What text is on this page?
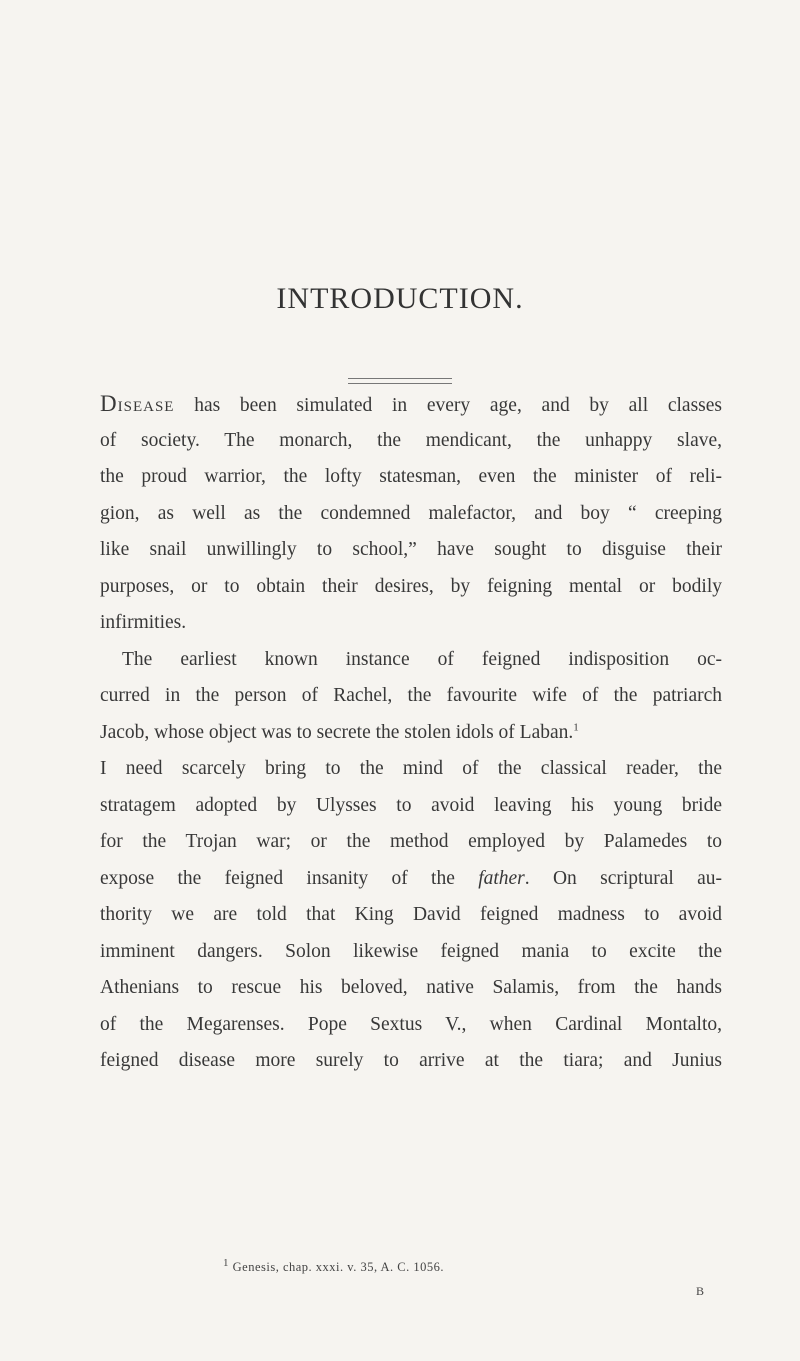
INTRODUCTION.
DISEASE has been simulated in every age, and by all classes
of society. The monarch, the mendicant, the unhappy slave,
the proud warrior, the lofty statesman, even the minister of reli-
gion, as well as the condemned malefactor, and boy “ creeping
like snail unwillingly to school,” have sought to disguise their
purposes, or to obtain their desires, by feigning mental or bodily
infirmities.
The earliest known instance of feigned indisposition oc-
curred in the person of Rachel, the favourite wife of the patriarch
Jacob, whose object was to secrete the stolen idols of Laban.$^1$
I need scarcely bring to the mind of the classical reader, the
stratagem adopted by Ulysses to avoid leaving his young bride
for the Trojan war; or the method employed by Palamedes to
expose the feigned insanity of the father. On scriptural au-
thority we are told that King David feigned madness to avoid
imminent dangers. Solon likewise feigned mania to excite the
Athenians to rescue his beloved, native Salamis, from the hands
of the Megarenses. Pope Sextus V., when Cardinal Montalto,
feigned disease more surely to arrive at the tiara; and Junius
$^1$ Genesis, chap. xxxi. v. 35, A. C. 1056.
B
